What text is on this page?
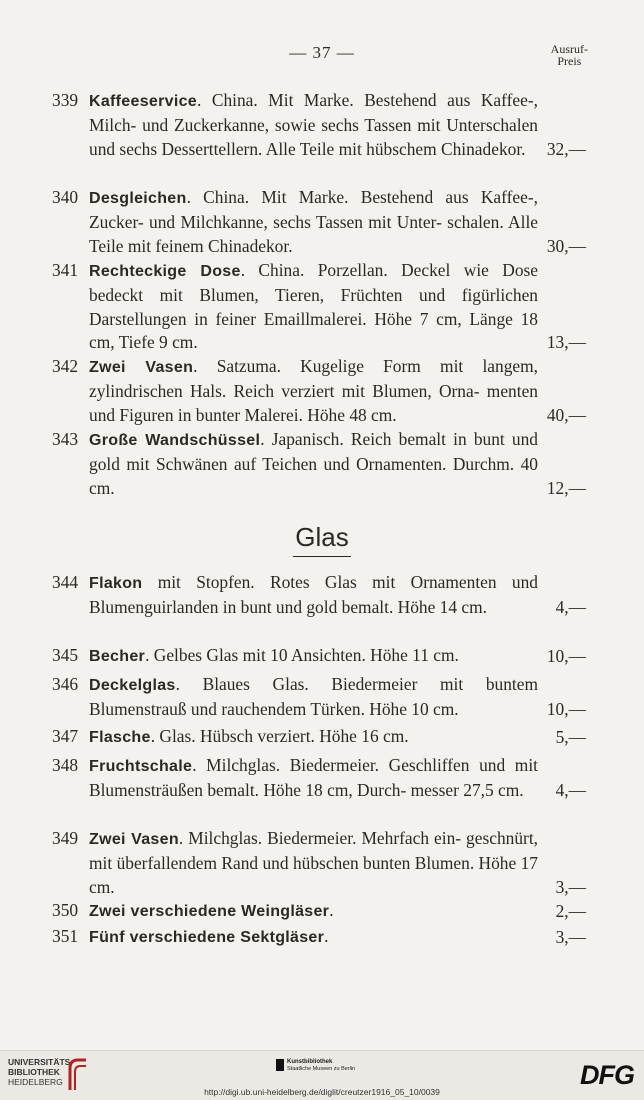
— 37 —	Ausruf-
Preis
339 Kaffeeservice. China. Mit Marke. Bestehend aus Kaffee-, Milch- und Zuckerkanne, sowie sechs Tassen mit Unterschalen und sechs Desserttellern. Alle Teile mit hübschem Chinadekor.	32,—
340 Desgleichen. China. Mit Marke. Bestehend aus Kaffee-, Zucker- und Milchkanne, sechs Tassen mit Unter- schalen. Alle Teile mit feinem Chinadekor.	30,—
341 Rechteckige Dose. China. Porzellan. Deckel wie Dose bedeckt mit Blumen, Tieren, Früchten und figürlichen Darstellungen in feiner Emaillmalerei. Höhe 7 cm, Länge 18 cm, Tiefe 9 cm.	13,—
342 Zwei Vasen. Satzuma. Kugelige Form mit langem, zylindrischen Hals. Reich verziert mit Blumen, Orna- menten und Figuren in bunter Malerei. Höhe 48 cm.	40,—
343 Große Wandschüssel. Japanisch. Reich bemalt in bunt und gold mit Schwänen auf Teichen und Ornamenten. Durchm. 40 cm.	12,—
Glas
344 Flakon mit Stopfen. Rotes Glas mit Ornamenten und Blumenguirlanden in bunt und gold bemalt. Höhe 14 cm.	4,—
345 Becher. Gelbes Glas mit 10 Ansichten. Höhe 11 cm.	10,—
346 Deckelglas. Blaues Glas. Biedermeier mit buntem Blumenstrauß und rauchendem Türken. Höhe 10 cm.	10,—
347 Flasche. Glas. Hübsch verziert. Höhe 16 cm.	5,—
348 Fruchtschale. Milchglas. Biedermeier. Geschliffen und mit Blumensträußen bemalt. Höhe 18 cm, Durch- messer 27,5 cm.	4,—
349 Zwei Vasen. Milchglas. Biedermeier. Mehrfach ein- geschnürt, mit überfallendem Rand und hübschen bunten Blumen. Höhe 17 cm.	3,—
350 Zwei verschiedene Weingläser.	2,—
351 Fünf verschiedene Sektgläser.	3,—
UNIVERSITÄTS-
BIBLIOTHEK
HEIDELBERG
Kunstbibliothek
Staatliche Museen zu Berlin	DFG
http://digi.ub.uni-heidelberg.de/diglit/creutzer1916_05_10/0039
